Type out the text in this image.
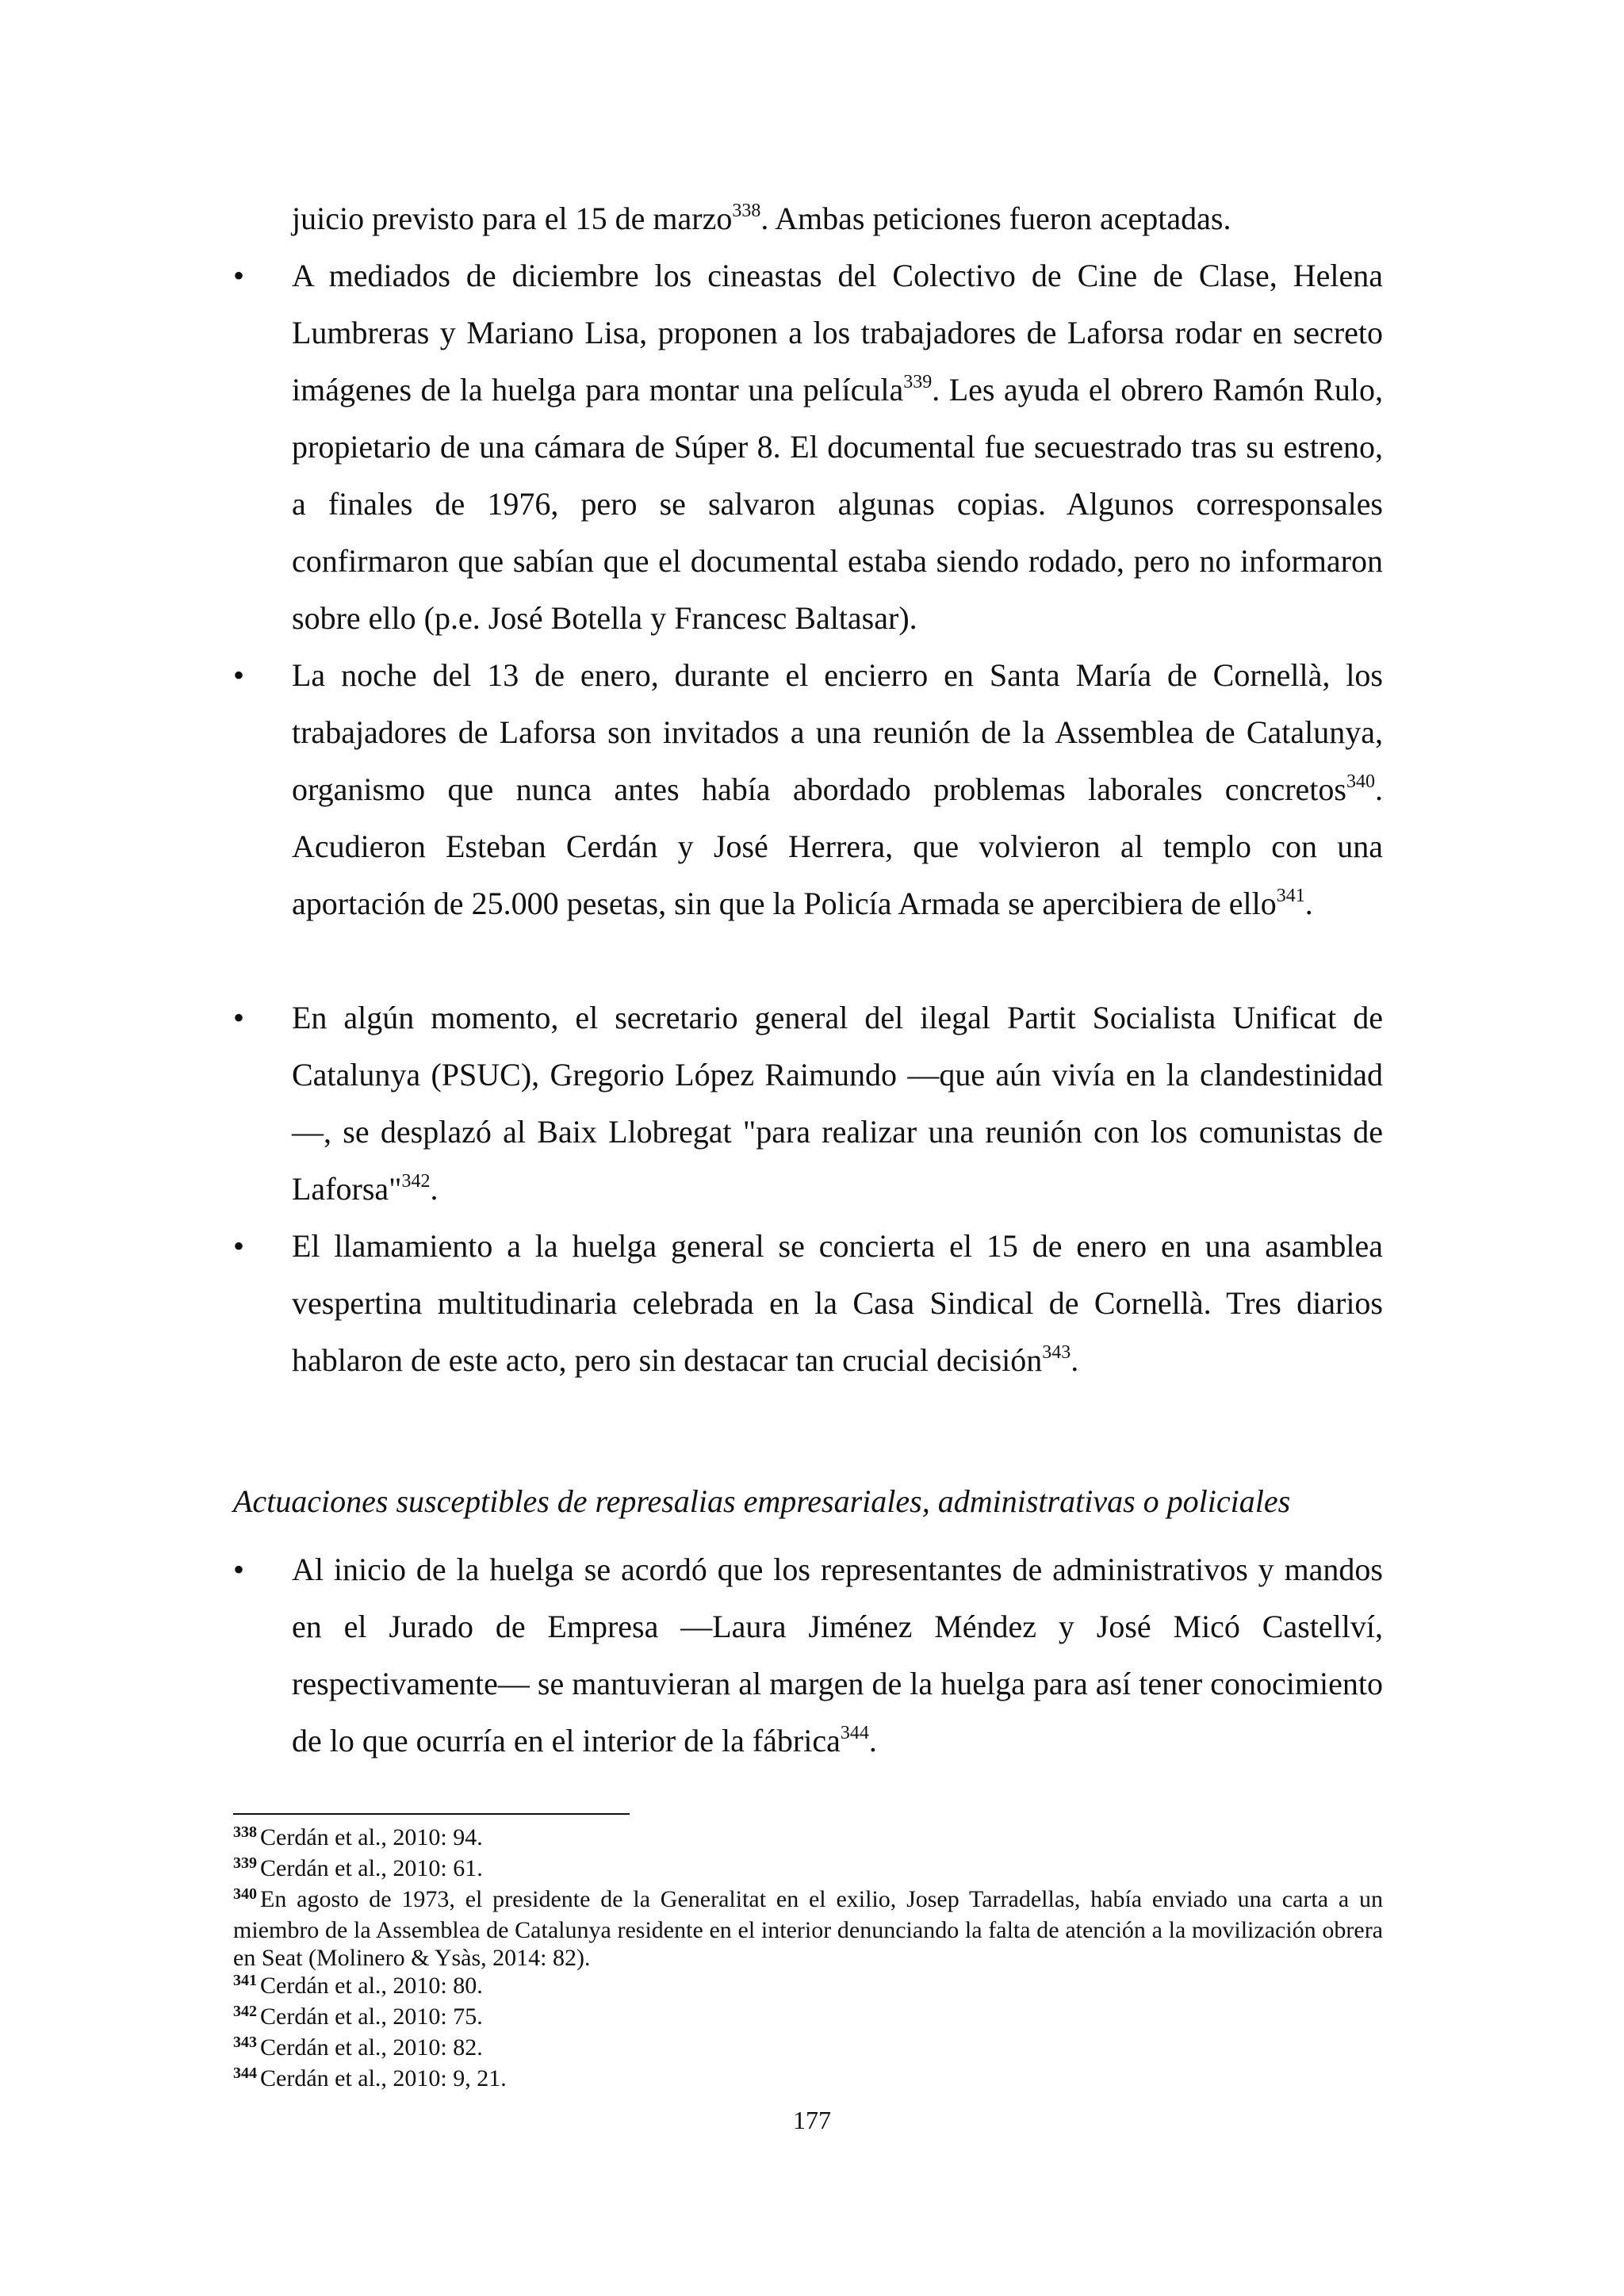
juicio previsto para el 15 de marzo$^{338}$. Ambas peticiones fueron aceptadas.
•	A mediados de diciembre los cineastas del Colectivo de Cine de Clase, Helena Lumbreras y Mariano Lisa, proponen a los trabajadores de Laforsa rodar en secreto imágenes de la huelga para montar una película$^{339}$. Les ayuda el obrero Ramón Rulo, propietario de una cámara de Súper 8. El documental fue secuestrado tras su estreno, a finales de 1976, pero se salvaron algunas copias. Algunos corresponsales confirmaron que sabían que el documental estaba siendo rodado, pero no informaron sobre ello (p.e. José Botella y Francesc Baltasar).
•	La noche del 13 de enero, durante el encierro en Santa María de Cornellà, los trabajadores de Laforsa son invitados a una reunión de la Assemblea de Catalunya, organismo que nunca antes había abordado problemas laborales concretos$^{340}$. Acudieron Esteban Cerdán y José Herrera, que volvieron al templo con una aportación de 25.000 pesetas, sin que la Policía Armada se apercibiera de ello$^{341}$.
•	En algún momento, el secretario general del ilegal Partit Socialista Unificat de Catalunya (PSUC), Gregorio López Raimundo —que aún vivía en la clandestinidad—, se desplazó al Baix Llobregat "para realizar una reunión con los comunistas de Laforsa"$^{342}$.
•	El llamamiento a la huelga general se concierta el 15 de enero en una asamblea vespertina multitudinaria celebrada en la Casa Sindical de Cornellà. Tres diarios hablaron de este acto, pero sin destacar tan crucial decisión$^{343}$.
Actuaciones susceptibles de represalias empresariales, administrativas o policiales
•	Al inicio de la huelga se acordó que los representantes de administrativos y mandos en el Jurado de Empresa —Laura Jiménez Méndez y José Micó Castellví, respectivamente— se mantuvieran al margen de la huelga para así tener conocimiento de lo que ocurría en el interior de la fábrica$^{344}$.

$^{338}$ Cerdán et al., 2010: 94.

$^{339}$ Cerdán et al., 2010: 61.

$^{340}$ En agosto de 1973, el presidente de la Generalitat en el exilio, Josep Tarradellas, había enviado una carta a un miembro de la Assemblea de Catalunya residente en el interior denunciando la falta de atención a la movilización obrera en Seat (Molinero & Ysàs, 2014: 82).

$^{341}$ Cerdán et al., 2010: 80.

$^{342}$ Cerdán et al., 2010: 75.

$^{343}$ Cerdán et al., 2010: 82.

$^{344}$ Cerdán et al., 2010: 9, 21.

177
